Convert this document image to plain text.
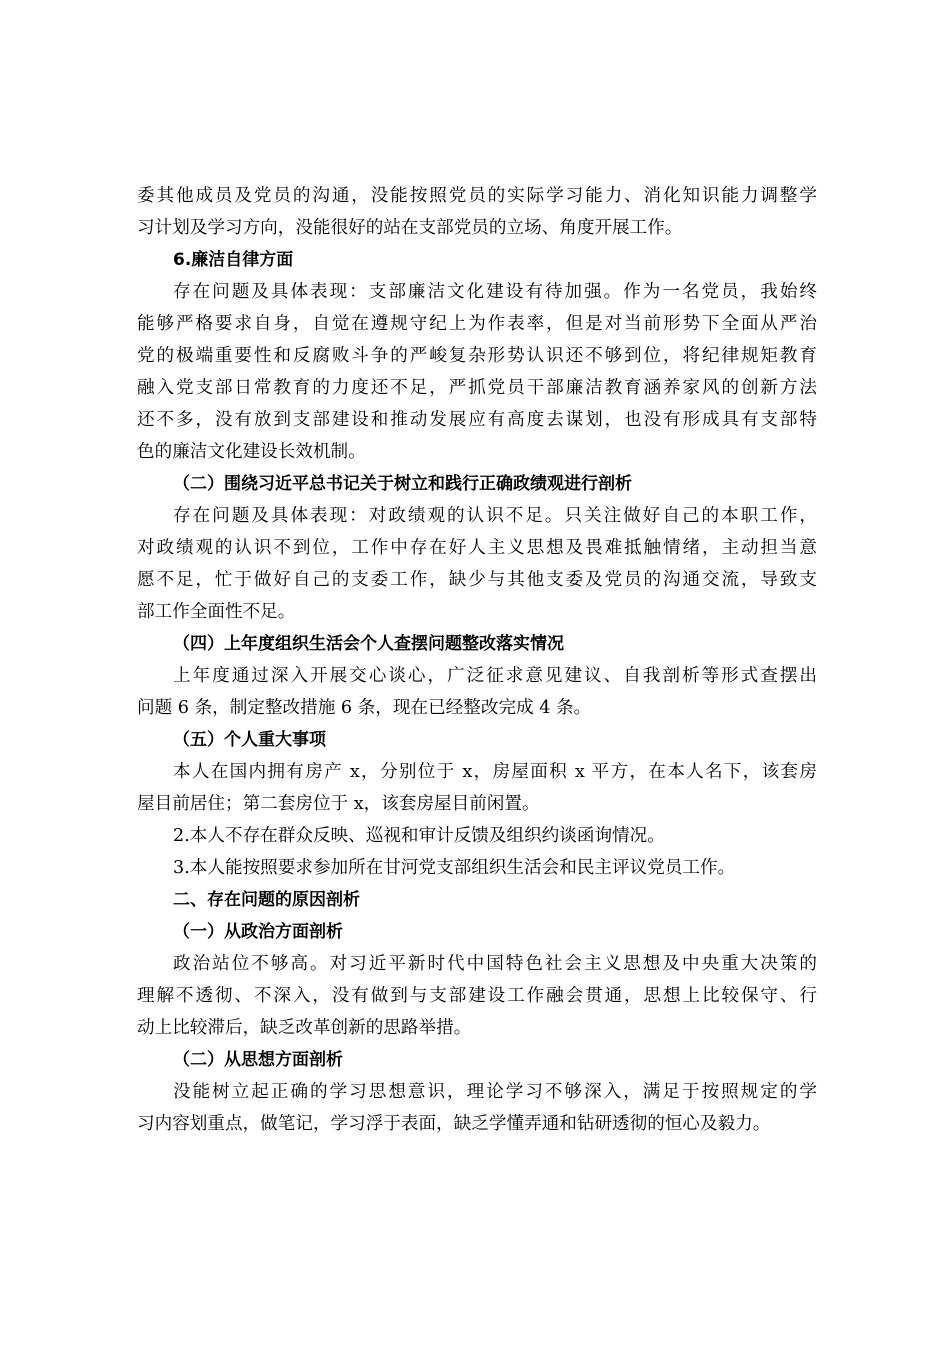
委其他成员及党员的沟通，没能按照党员的实际学习能力、消化知识能力调整学
习计划及学习方向，没能很好的站在支部党员的立场、角度开展工作。
6.廉洁自律方面
存在问题及具体表现：支部廉洁文化建设有待加强。作为一名党员，我始终
能够严格要求自身，自觉在遵规守纪上为作表率，但是对当前形势下全面从严治
党的极端重要性和反腐败斗争的严峻复杂形势认识还不够到位，将纪律规矩教育
融入党支部日常教育的力度还不足，严抓党员干部廉洁教育涵养家风的创新方法
还不多，没有放到支部建设和推动发展应有高度去谋划，也没有形成具有支部特
色的廉洁文化建设长效机制。
（二）围绕习近平总书记关于树立和践行正确政绩观进行剖析
存在问题及具体表现：对政绩观的认识不足。只关注做好自己的本职工作，
对政绩观的认识不到位，工作中存在好人主义思想及畏难抵触情绪，主动担当意
愿不足，忙于做好自己的支委工作，缺少与其他支委及党员的沟通交流，导致支
部工作全面性不足。
（四）上年度组织生活会个人查摆问题整改落实情况
上年度通过深入开展交心谈心，广泛征求意见建议、自我剖析等形式查摆出
问题 6 条，制定整改措施 6 条，现在已经整改完成 4 条。
（五）个人重大事项
本人在国内拥有房产 x，分别位于 x，房屋面积 x 平方，在本人名下，该套房
屋目前居住；第二套房位于 x，该套房屋目前闲置。
2.本人不存在群众反映、巡视和审计反馈及组织约谈函询情况。
3.本人能按照要求参加所在甘河党支部组织生活会和民主评议党员工作。
二、存在问题的原因剖析
（一）从政治方面剖析
政治站位不够高。对习近平新时代中国特色社会主义思想及中央重大决策的
理解不透彻、不深入，没有做到与支部建设工作融会贯通，思想上比较保守、行
动上比较滞后，缺乏改革创新的思路举措。
（二）从思想方面剖析
没能树立起正确的学习思想意识，理论学习不够深入，满足于按照规定的学
习内容划重点，做笔记，学习浮于表面，缺乏学懂弄通和钻研透彻的恒心及毅力。
